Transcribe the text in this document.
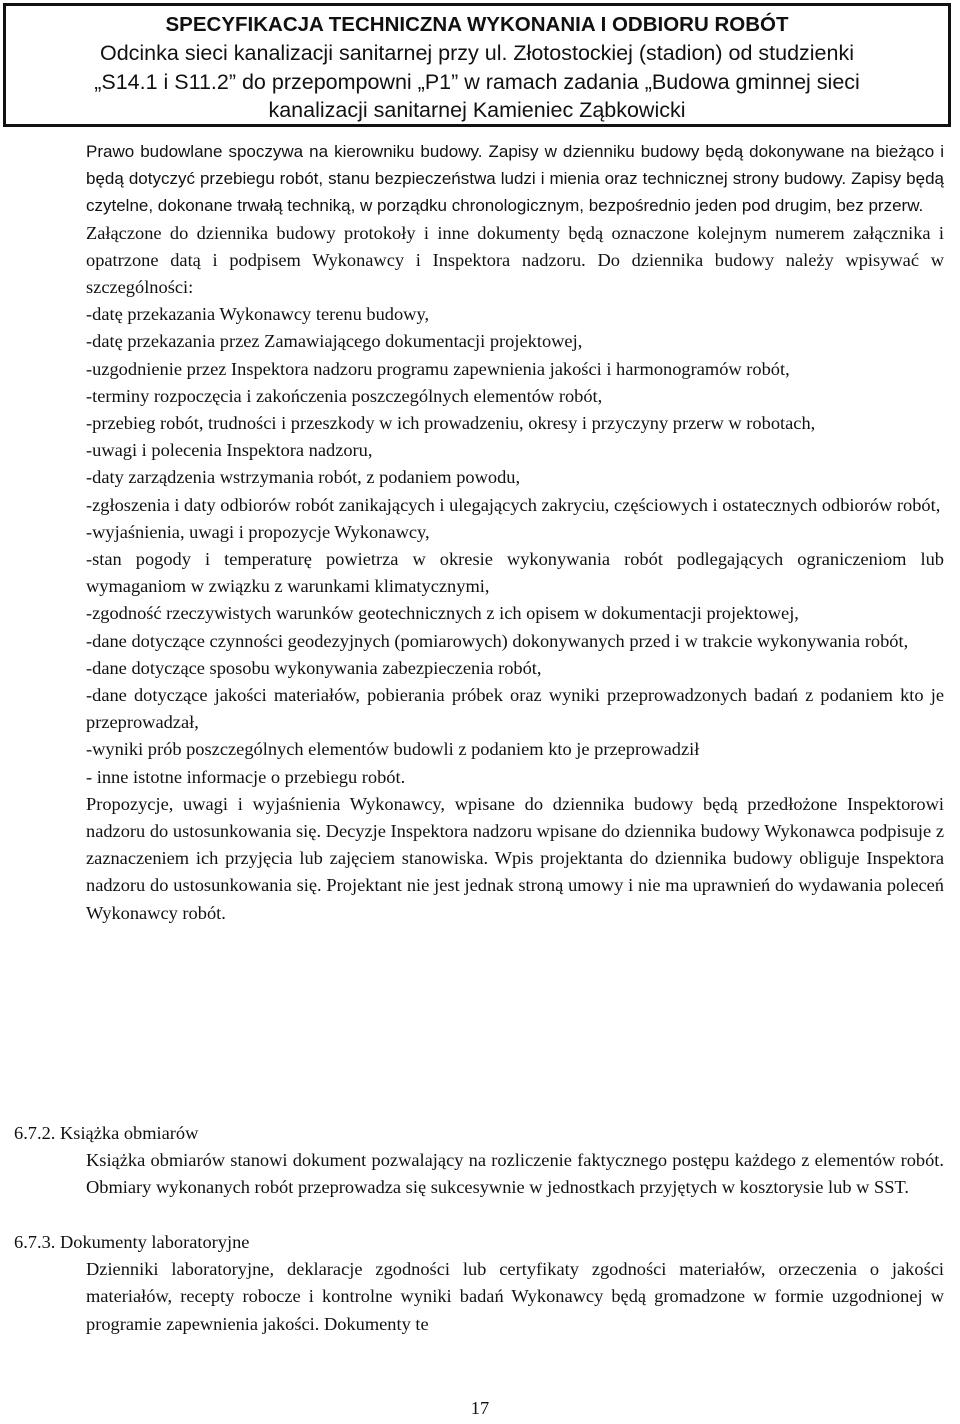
SPECYFIKACJA TECHNICZNA WYKONANIA I ODBIORU ROBÓT
Odcinka sieci kanalizacji sanitarnej przy ul. Złotostockiej (stadion) od studzienki
„S14.1 i S11.2” do przepompowni „P1” w ramach zadania „Budowa gminnej sieci
kanalizacji sanitarnej Kamieniec Ząbkowicki

Prawo budowlane spoczywa na kierowniku budowy. Zapisy w dzienniku budowy będą dokonywane na bieżąco i będą dotyczyć przebiegu robót, stanu bezpieczeństwa ludzi i mienia oraz technicznej strony budowy. Zapisy będą czytelne, dokonane trwałą techniką, w porządku chronologicznym, bezpośrednio jeden pod drugim, bez przerw.

Załączone do dziennika budowy protokoły i inne dokumenty będą oznaczone kolejnym numerem załącznika i opatrzone datą i podpisem Wykonawcy i Inspektora nadzoru. Do dziennika budowy należy wpisywać w szczególności:

-datę przekazania Wykonawcy terenu budowy,
-datę przekazania przez Zamawiającego dokumentacji projektowej,
-uzgodnienie przez Inspektora nadzoru programu zapewnienia jakości i harmonogramów robót,
-terminy rozpoczęcia i zakończenia poszczególnych elementów robót,
-przebieg robót, trudności i przeszkody w ich prowadzeniu, okresy i przyczyny przerw w robotach,
-uwagi i polecenia Inspektora nadzoru,
-daty zarządzenia wstrzymania robót, z podaniem powodu,
-zgłoszenia i daty odbiorów robót zanikających i ulegających zakryciu, częściowych i ostatecznych odbiorów robót,
-wyjaśnienia, uwagi i propozycje Wykonawcy,
-stan pogody i temperaturę powietrza w okresie wykonywania robót podlegających ograniczeniom lub wymaganiom w związku z warunkami klimatycznymi,
-zgodność rzeczywistych warunków geotechnicznych z ich opisem w dokumentacji projektowej,
-dane dotyczące czynności geodezyjnych (pomiarowych) dokonywanych przed i w trakcie wykonywania robót,
-dane dotyczące sposobu wykonywania zabezpieczenia robót,
-dane dotyczące jakości materiałów, pobierania próbek oraz wyniki przeprowadzonych badań z podaniem kto je przeprowadzał,
-wyniki prób poszczególnych elementów budowli z podaniem kto je przeprowadził
- inne istotne informacje o przebiegu robót.

Propozycje, uwagi i wyjaśnienia Wykonawcy, wpisane do dziennika budowy będą przedłożone Inspektorowi nadzoru do ustosunkowania się. Decyzje Inspektora nadzoru wpisane do dziennika budowy Wykonawca podpisuje z zaznaczeniem ich przyjęcia lub zajęciem stanowiska. Wpis projektanta do dziennika budowy obliguje Inspektora nadzoru do ustosunkowania się. Projektant nie jest jednak stroną umowy i nie ma uprawnień do wydawania poleceń Wykonawcy robót.

6.7.2. Książka obmiarów
Książka obmiarów stanowi dokument pozwalający na rozliczenie faktycznego postępu każdego z elementów robót. Obmiary wykonanych robót przeprowadza się sukcesywnie w jednostkach przyjętych w kosztorysie lub w SST.
6.7.3. Dokumenty laboratoryjne
Dzienniki laboratoryjne, deklaracje zgodności lub certyfikaty zgodności materiałów, orzeczenia o jakości materiałów, recepty robocze i kontrolne wyniki badań Wykonawcy będą gromadzone w formie uzgodnionej w programie zapewnienia jakości. Dokumenty te
17
